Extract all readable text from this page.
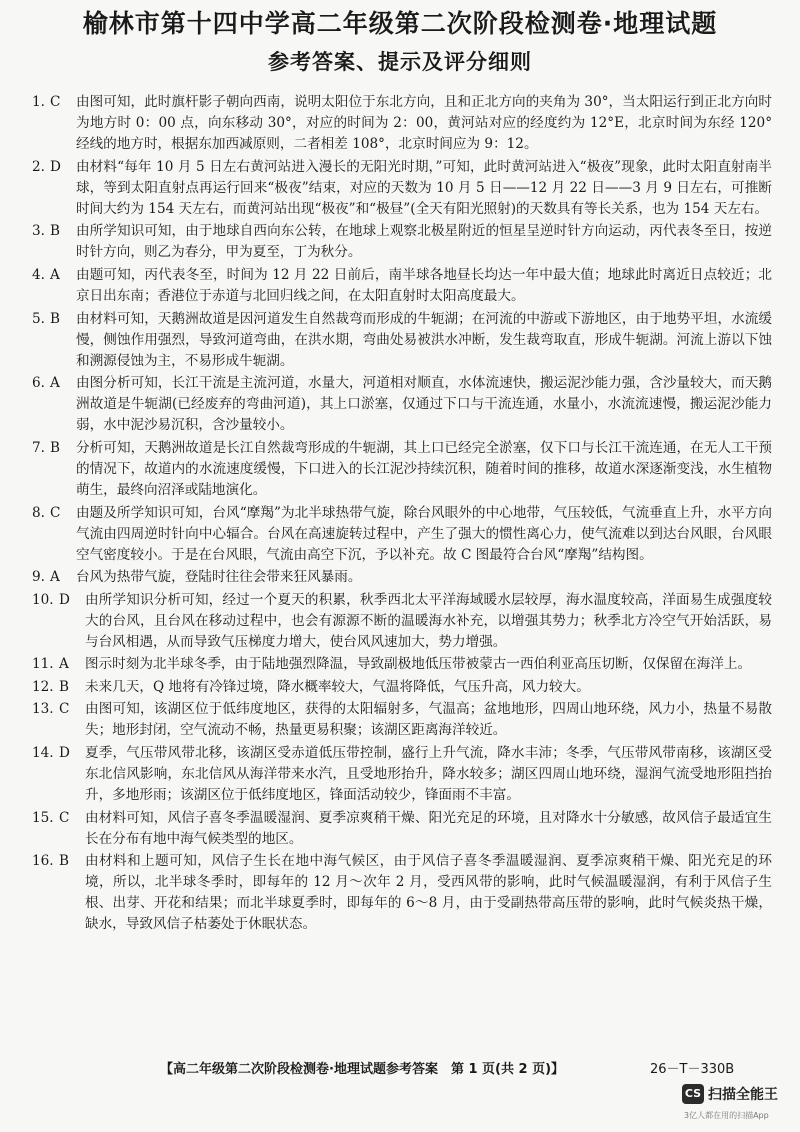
榆林市第十四中学高二年级第二次阶段检测卷·地理试题
参考答案、提示及评分细则
1. C	由图可知，此时旗杆影子朝向西南，说明太阳位于东北方向，且和正北方向的夹角为 30°，当太阳运行到正北方向时为地方时 0：00 点，向东移动 30°，对应的时间为 2：00，黄河站对应的经度约为 12°E，北京时间为东经 120°经线的地方时，根据东加西减原则，二者相差 108°，北京时间应为 9：12。
2. D	由材料“每年 10 月 5 日左右黄河站进入漫长的无阳光时期，”可知，此时黄河站进入“极夜”现象，此时太阳直射南半球，等到太阳直射点再运行回来“极夜”结束，对应的天数为 10 月 5 日——12 月 22 日——3 月 9 日左右，可推断时间大约为 154 天左右，而黄河站出现“极夜”和“极昼”(全天有阳光照射)的天数具有等长关系，也为 154 天左右。
3. B	由所学知识可知，由于地球自西向东公转，在地球上观察北极星附近的恒星呈逆时针方向运动，丙代表冬至日，按逆时针方向，则乙为春分，甲为夏至，丁为秋分。
4. A	由题可知，丙代表冬至，时间为 12 月 22 日前后，南半球各地昼长均达一年中最大值；地球此时离近日点较近；北京日出东南；香港位于赤道与北回归线之间，在太阳直射时太阳高度最大。
5. B	由材料可知，天鹅洲故道是因河道发生自然裁弯而形成的牛轭湖；在河流的中游或下游地区，由于地势平坦，水流缓慢，侧蚀作用强烈，导致河道弯曲，在洪水期，弯曲处易被洪水冲断，发生裁弯取直，形成牛轭湖。河流上游以下蚀和溯源侵蚀为主，不易形成牛轭湖。
6. A	由图分析可知，长江干流是主流河道，水量大，河道相对顺直，水体流速快，搬运泥沙能力强，含沙量较大，而天鹅洲故道是牛轭湖(已经废弃的弯曲河道)，其上口淤塞，仅通过下口与干流连通，水量小，水流流速慢，搬运泥沙能力弱，水中泥沙易沉积，含沙量较小。
7. B	分析可知，天鹅洲故道是长江自然裁弯形成的牛轭湖，其上口已经完全淤塞，仅下口与长江干流连通，在无人工干预的情况下，故道内的水流速度缓慢，下口进入的长江泥沙持续沉积，随着时间的推移，故道水深逐渐变浅，水生植物萌生，最终向沼泽或陆地演化。
8. C	由题及所学知识可知，台风“摩羯”为北半球热带气旋，除台风眼外的中心地带，气压较低，气流垂直上升，水平方向气流由四周逆时针向中心辐合。台风在高速旋转过程中，产生了强大的惯性离心力，使气流难以到达台风眼，台风眼空气密度较小。于是在台风眼，气流由高空下沉，予以补充。故 C 图最符合台风“摩羯”结构图。
9. A	台风为热带气旋，登陆时往往会带来狂风暴雨。
10. D	由所学知识分析可知，经过一个夏天的积累，秋季西北太平洋海域暖水层较厚，海水温度较高，洋面易生成强度较大的台风，且台风在移动过程中，也会有源源不断的温暖海水补充，以增强其势力；秋季北方冷空气开始活跃，易与台风相遇，从而导致气压梯度力增大，使台风风速加大，势力增强。
11. A	图示时刻为北半球冬季，由于陆地强烈降温，导致副极地低压带被蒙古一西伯利亚高压切断，仅保留在海洋上。
12. B	未来几天，Q 地将有冷锋过境，降水概率较大，气温将降低，气压升高，风力较大。
13. C	由图可知，该湖区位于低纬度地区，获得的太阳辐射多，气温高；盆地地形，四周山地环绕，风力小，热量不易散失；地形封闭，空气流动不畅，热量更易积聚；该湖区距离海洋较近。
14. D	夏季，气压带风带北移，该湖区受赤道低压带控制，盛行上升气流，降水丰沛；冬季，气压带风带南移，该湖区受东北信风影响，东北信风从海洋带来水汽，且受地形抬升，降水较多；湖区四周山地环绕，湿润气流受地形阻挡抬升，多地形雨；该湖区位于低纬度地区，锋面活动较少，锋面雨不丰富。
15. C	由材料可知，风信子喜冬季温暖湿润、夏季凉爽稍干燥、阳光充足的环境，且对降水十分敏感，故风信子最适宜生长在分布有地中海气候类型的地区。
16. B	由材料和上题可知，风信子生长在地中海气候区，由于风信子喜冬季温暖湿润、夏季凉爽稍干燥、阳光充足的环境，所以，北半球冬季时，即每年的 12 月～次年 2 月，受西风带的影响，此时气候温暖湿润，有利于风信子生根、出芽、开花和结果；而北半球夏季时，即每年的 6～8 月，由于受副热带高压带的影响，此时气候炎热干燥，缺水，导致风信子枯萎处于休眠状态。
【高二年级第二次阶段检测卷·地理试题参考答案　第 1 页(共 2 页)】	26－T－330B
CS 扫描全能王
3亿人都在用的扫描App
